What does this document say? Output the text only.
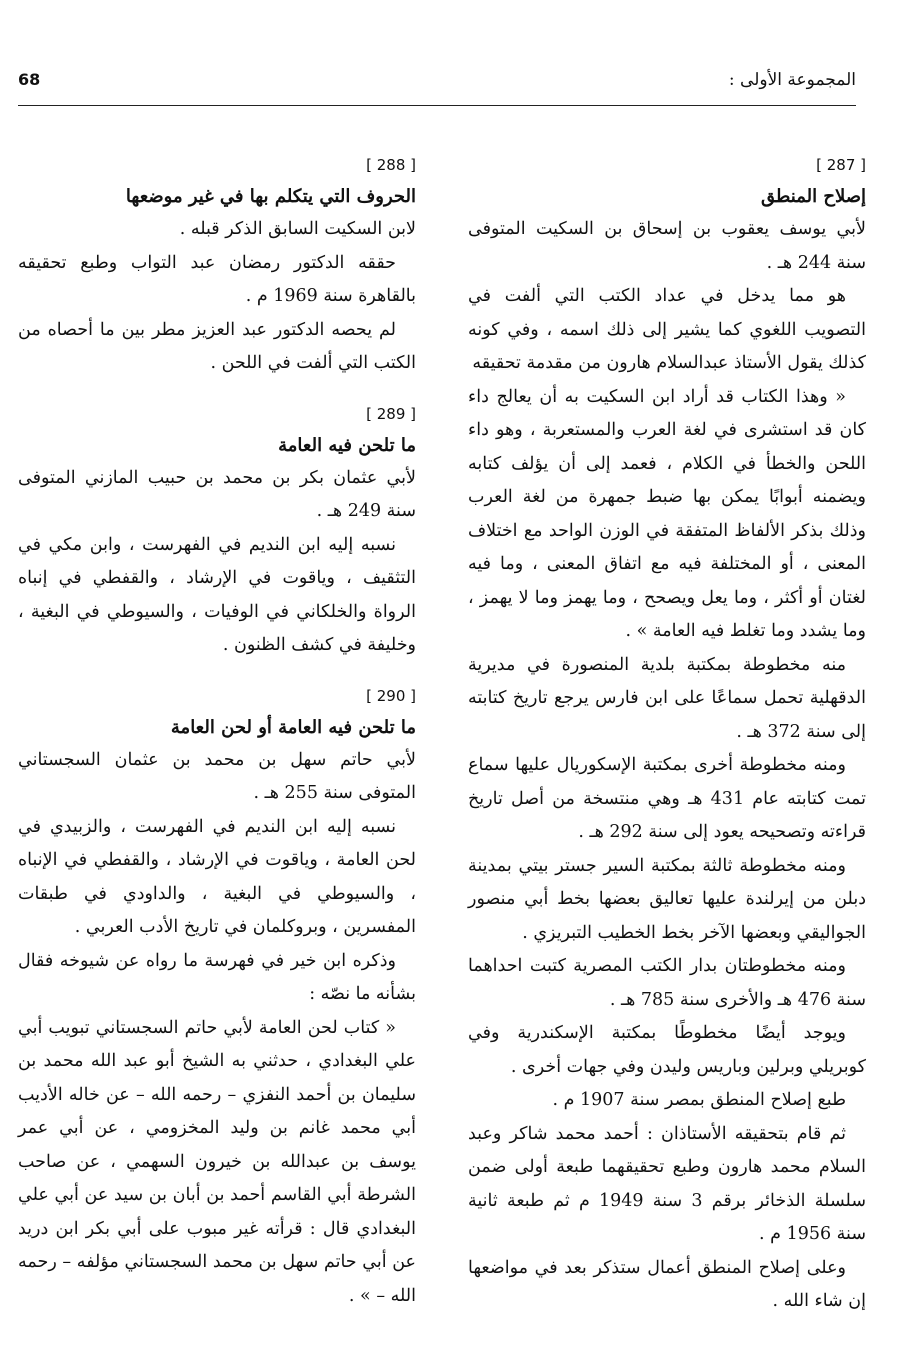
68	المجموعة الأولى :
[ 287 ]
إصلاح المنطق

لأبي يوسف يعقوب بن إسحاق بن السكيت المتوفى سنة 244 هـ .

هو مما يدخل في عداد الكتب التي ألفت في التصويب اللغوي كما يشير إلى ذلك اسمه ، وفي كونه كذلك يقول الأستاذ عبدالسلام هارون من مقدمة تحقيقه

« وهذا الكتاب قد أراد ابن السكيت به أن يعالج داء كان قد استشرى في لغة العرب والمستعربة ، وهو داء اللحن والخطأ في الكلام ، فعمد إلى أن يؤلف كتابه ويضمنه أبوابًا يمكن بها ضبط جمهرة من لغة العرب وذلك بذكر الألفاظ المتفقة في الوزن الواحد مع اختلاف المعنى ، أو المختلفة فيه مع اتفاق المعنى ، وما فيه لغتان أو أكثر ، وما يعل ويصحح ، وما يهمز وما لا يهمز ، وما يشدد وما تغلط فيه العامة » .

منه مخطوطة بمكتبة بلدية المنصورة في مديرية الدقهلية تحمل سماعًا على ابن فارس يرجع تاريخ كتابته إلى سنة 372 هـ .

ومنه مخطوطة أخرى بمكتبة الإسكوريال عليها سماع تمت كتابته عام 431 هـ وهي منتسخة من أصل تاريخ قراءته وتصحيحه يعود إلى سنة 292 هـ .

ومنه مخطوطة ثالثة بمكتبة السير جستر بيتي بمدينة دبلن من إيرلندة عليها تعاليق بعضها بخط أبي منصور الجواليقي وبعضها الآخر بخط الخطيب التبريزي .

ومنه مخطوطتان بدار الكتب المصرية كتبت احداهما سنة 476 هـ والأخرى سنة 785 هـ .

ويوجد أيضًا مخطوطًا بمكتبة الإسكندرية وفي كوبريلي وبرلين وباريس وليدن وفي جهات أخرى .

طبع إصلاح المنطق بمصر سنة 1907 م .

ثم قام بتحقيقه الأستاذان : أحمد محمد شاكر وعبد السلام محمد هارون وطبع تحقيقهما طبعة أولى ضمن سلسلة الذخائر برقم 3 سنة 1949 م ثم طبعة ثانية سنة 1956 م .

وعلى إصلاح المنطق أعمال ستذكر بعد في مواضعها إن شاء الله .

[ 288 ]
الحروف التي يتكلم بها في غير موضعها

لابن السكيت السابق الذكر قبله .

حققه الدكتور رمضان عبد التواب وطبع تحقيقه بالقاهرة سنة 1969 م .

لم يحصه الدكتور عبد العزيز مطر بين ما أحصاه من الكتب التي ألفت في اللحن .

[ 289 ]
ما تلحن فيه العامة

لأبي عثمان بكر بن محمد بن حبيب المازني المتوفى سنة 249 هـ .

نسبه إليه ابن النديم في الفهرست ، وابن مكي في التثقيف ، وياقوت في الإرشاد ، والقفطي في إنباه الرواة والخلكاني في الوفيات ، والسيوطي في البغية ، وخليفة في كشف الظنون .

[ 290 ]
ما تلحن فيه العامة أو لحن العامة

لأبي حاتم سهل بن محمد بن عثمان السجستاني المتوفى سنة 255 هـ .

نسبه إليه ابن النديم في الفهرست ، والزبيدي في لحن العامة ، وياقوت في الإرشاد ، والقفطي في الإنباه ، والسيوطي في البغية ، والداودي في طبقات المفسرين ، وبروكلمان في تاريخ الأدب العربي .

وذكره ابن خير في فهرسة ما رواه عن شيوخه فقال بشأنه ما نصّه :

« كتاب لحن العامة لأبي حاتم السجستاني تبويب أبي علي البغدادي ، حدثني به الشيخ أبو عبد الله محمد بن سليمان بن أحمد النفزي – رحمه الله – عن خاله الأديب أبي محمد غانم بن وليد المخزومي ، عن أبي عمر يوسف بن عبدالله بن خيرون السهمي ، عن صاحب الشرطة أبي القاسم أحمد بن أبان بن سيد عن أبي علي البغدادي قال : قرأته غير مبوب على أبي بكر ابن دريد عن أبي حاتم سهل بن محمد السجستاني مؤلفه – رحمه الله – » .
